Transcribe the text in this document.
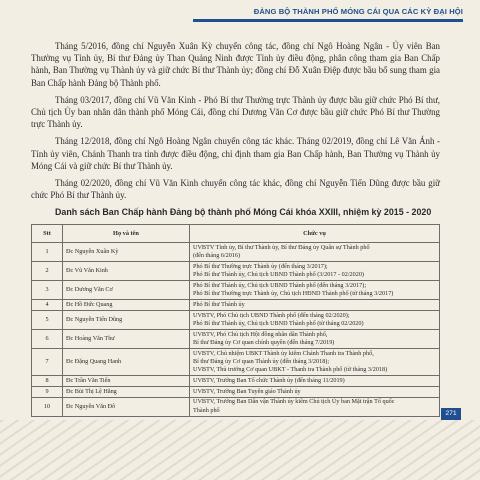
ĐẢNG BỘ THÀNH PHỐ MÓNG CÁI QUA CÁC KỲ ĐẠI HỘI

Tháng 5/2016, đồng chí Nguyễn Xuân Kỳ chuyển công tác, đồng chí Ngô Hoàng Ngân - Ủy viên Ban Thường vụ Tỉnh ủy, Bí thư Đảng ủy Than Quảng Ninh được Tỉnh ủy điều động, phân công tham gia Ban Chấp hành, Ban Thường vụ Thành ủy và giữ chức Bí thư Thành ủy; đồng chí Đỗ Xuân Điệp được bầu bổ sung tham gia Ban Chấp hành Đảng bộ Thành phố.

Tháng 03/2017, đồng chí Vũ Văn Kinh - Phó Bí thư Thường trực Thành ủy được bầu giữ chức Phó Bí thư, Chủ tịch Ủy ban nhân dân thành phố Móng Cái, đồng chí Dương Văn Cơ được bầu giữ chức Phó Bí thư Thường trực Thành ủy.

Tháng 12/2018, đồng chí Ngô Hoàng Ngân chuyển công tác khác. Tháng 02/2019, đồng chí Lê Văn Ánh - Tỉnh ủy viên, Chánh Thanh tra tỉnh được điều động, chỉ định tham gia Ban Chấp hành, Ban Thường vụ Thành ủy Móng Cái và giữ chức Bí thư Thành ủy.

Tháng 02/2020, đồng chí Vũ Văn Kinh chuyển công tác khác, đồng chí Nguyễn Tiến Dũng được bầu giữ chức Phó Bí thư Thành ủy.

Danh sách Ban Chấp hành Đảng bộ thành phố Móng Cái khóa XXIII, nhiệm kỳ 2015 - 2020
Stt	Họ và tên	Chức vụ
1	Đc Nguyễn Xuân Kỳ	UVBTV Tỉnh ủy, Bí thư Thành ủy, Bí thư Đảng ủy Quân sự Thành phố
(đến tháng 6/2016)

2	Đc Vũ Văn Kinh	Phó Bí thư Thường trực Thành ủy (đến tháng 3/2017);
Phó Bí thư Thành ủy, Chủ tịch UBND Thành phố (3/2017 - 02/2020)

3	Đc Dương Văn Cơ	Phó Bí thư Thành ủy, Chủ tịch UBND Thành phố (đến tháng 3/2017);
Phó Bí thư Thường trực Thành ủy, Chủ tịch HĐND Thành phố (từ tháng 3/2017)

4	Đc Hồ Đức Quang	Phó Bí thư Thành ủy

5	Đc Nguyễn Tiến Dũng	UVBTV, Phó Chủ tịch UBND Thành phố (đến tháng 02/2020);
Phó Bí thư Thành ủy, Chủ tịch UBND Thành phố (từ tháng 02/2020)

6	Đc Hoàng Văn Thư	UVBTV, Phó Chủ tịch Hội đồng nhân dân Thành phố,
Bí thư Đảng ủy Cơ quan chính quyền (đến tháng 7/2019)

7	Đc Đặng Quang Hanh	UVBTV, Chủ nhiệm UBKT Thành ủy kiêm Chánh Thanh tra Thành phố,
Bí thư Đảng ủy Cơ quan Thành ủy (đến tháng 3/2018);
UVBTV, Thủ trưởng Cơ quan UBKT - Thanh tra Thành phố (từ tháng 3/2018)

8	Đc Trần Văn Tiến	UVBTV, Trưởng Ban Tổ chức Thành ủy (đến tháng 11/2019)

9	Đc Bùi Thị Lệ Hằng	UVBTV, Trưởng Ban Tuyên giáo Thành ủy

10	Đc Nguyễn Văn Đô	UVBTV, Trưởng Ban Dân vận Thành ủy kiêm Chủ tịch Ủy ban Mặt trận Tổ quốc
Thành phố	271
